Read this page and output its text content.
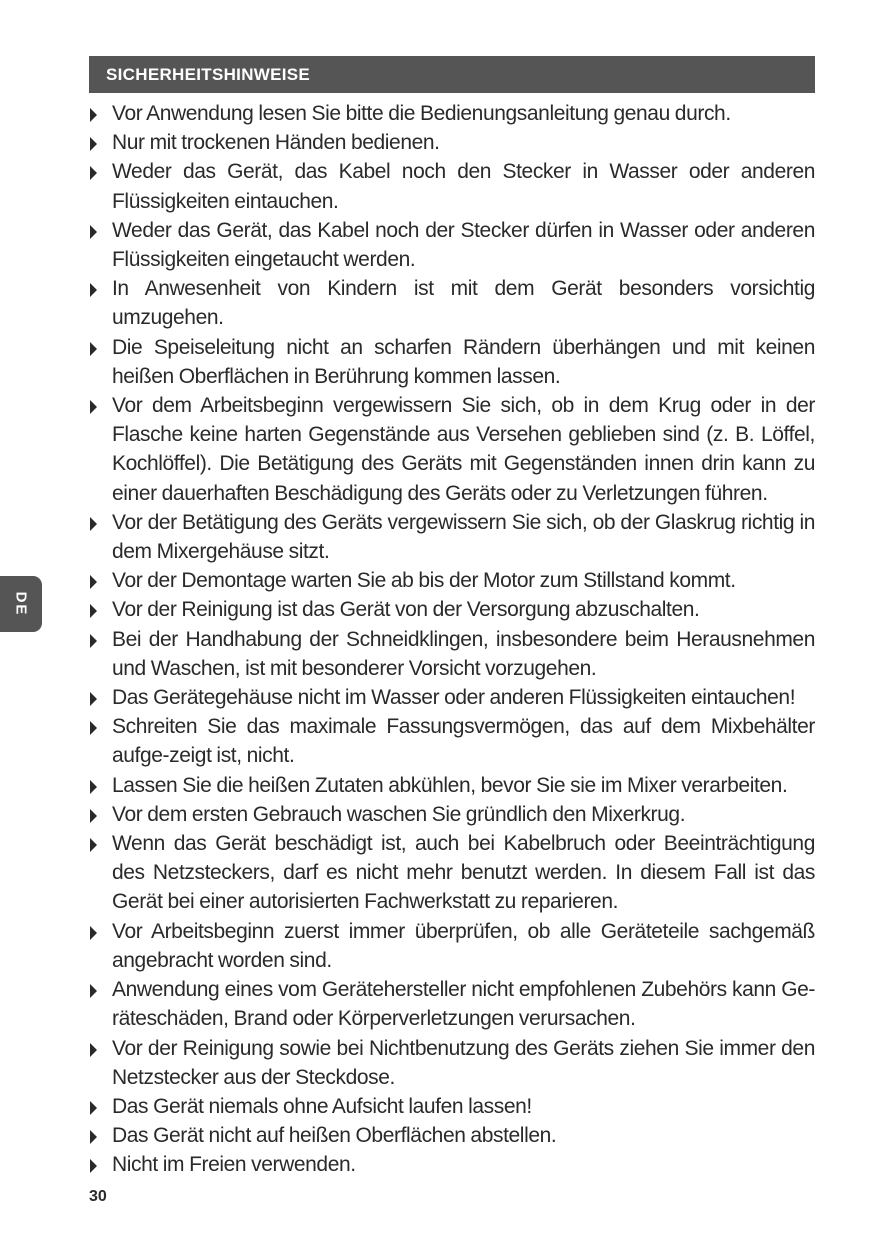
SICHERHEITSHINWEISE
DE
Vor Anwendung lesen Sie bitte die Bedienungsanleitung genau durch.
Nur mit trockenen Händen bedienen.
Weder das Gerät, das Kabel noch den Stecker in Wasser oder anderen Flüssigkeiten eintauchen.
Weder das Gerät, das Kabel noch der Stecker dürfen in Wasser oder anderen Flüssigkeiten eingetaucht werden.
In Anwesenheit von Kindern ist mit dem Gerät besonders vorsichtig umzugehen.
Die Speiseleitung nicht an scharfen Rändern überhängen und mit keinen heißen Oberflächen in Berührung kommen lassen.
Vor dem Arbeitsbeginn vergewissern Sie sich, ob in dem Krug oder in der Flasche keine harten Gegenstände aus Versehen geblieben sind (z. B. Löffel, Kochlöffel). Die Betätigung des Geräts mit Gegenständen innen drin kann zu einer dauerhaften Beschädigung des Geräts oder zu Verletzungen führen.
Vor der Betätigung des Geräts vergewissern Sie sich, ob der Glaskrug richtig in dem Mixergehäuse sitzt.
Vor der Demontage warten Sie ab bis der Motor zum Stillstand kommt.
Vor der Reinigung ist das Gerät von der Versorgung abzuschalten.
Bei der Handhabung der Schneidklingen, insbesondere beim Herausnehmen und Waschen, ist mit besonderer Vorsicht vorzugehen.
Das Gerätegehäuse nicht im Wasser oder anderen Flüssigkeiten eintauchen!
Schreiten Sie das maximale Fassungsvermögen, das auf dem Mixbehälter aufge-zeigt ist, nicht.
Lassen Sie die heißen Zutaten abkühlen, bevor Sie sie im Mixer verarbeiten.
Vor dem ersten Gebrauch waschen Sie gründlich den Mixerkrug.
Wenn das Gerät beschädigt ist, auch bei Kabelbruch oder Beeinträchtigung des Netzsteckers, darf es nicht mehr benutzt werden. In diesem Fall ist das Gerät bei einer autorisierten Fachwerkstatt zu reparieren.
Vor Arbeitsbeginn zuerst immer überprüfen, ob alle Geräteteile sachgemäß angebracht worden sind.
Anwendung eines vom Gerätehersteller nicht empfohlenen Zubehörs kann Ge-räteschäden, Brand oder Körperverletzungen verursachen.
Vor der Reinigung sowie bei Nichtbenutzung des Geräts ziehen Sie immer den Netzstecker aus der Steckdose.
Das Gerät niemals ohne Aufsicht laufen lassen!
Das Gerät nicht auf heißen Oberflächen abstellen.
Nicht im Freien verwenden.
30
